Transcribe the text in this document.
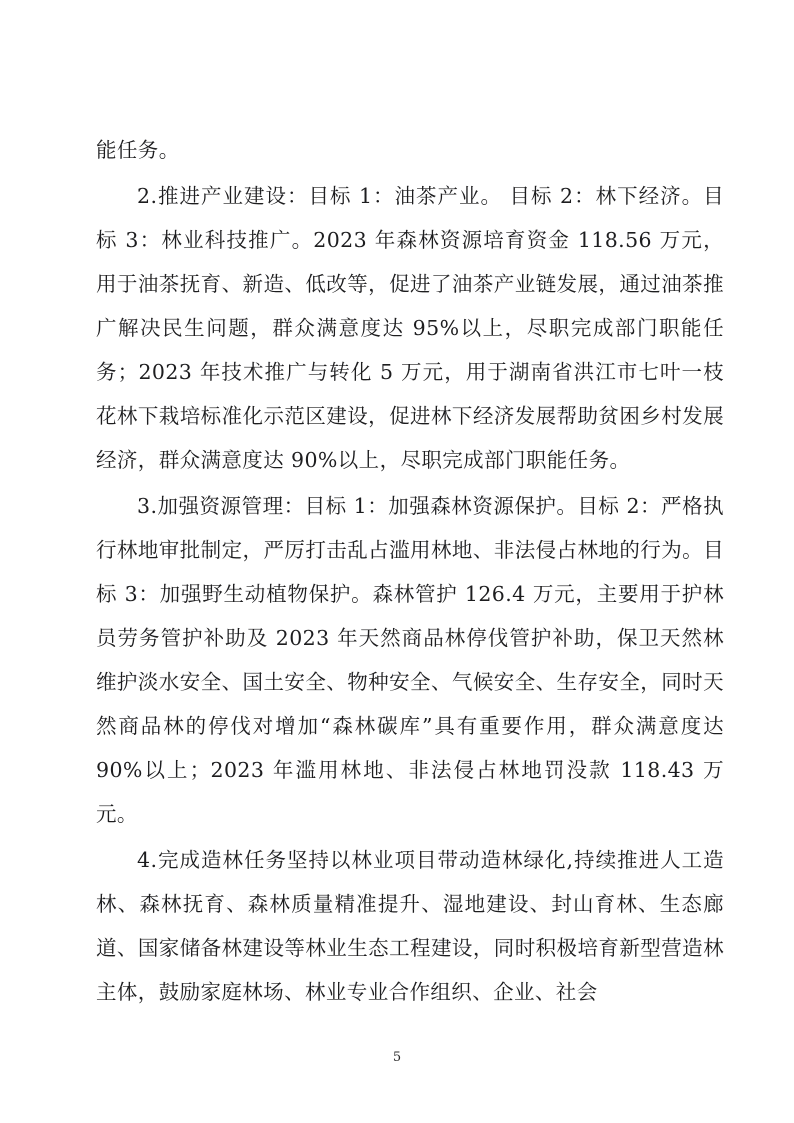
能任务。

2.推进产业建设：目标 1：油茶产业。 目标 2：林下经济。目标 3：林业科技推广。2023 年森林资源培育资金 118.56 万元，用于油茶抚育、新造、低改等，促进了油茶产业链发展，通过油茶推广解决民生问题，群众满意度达 95%以上，尽职完成部门职能任务；2023 年技术推广与转化 5 万元，用于湖南省洪江市七叶一枝花林下栽培标准化示范区建设，促进林下经济发展帮助贫困乡村发展经济，群众满意度达 90%以上，尽职完成部门职能任务。

3.加强资源管理：目标 1：加强森林资源保护。目标 2：严格执行林地审批制定，严厉打击乱占滥用林地、非法侵占林地的行为。目标 3：加强野生动植物保护。森林管护 126.4 万元，主要用于护林员劳务管护补助及 2023 年天然商品林停伐管护补助，保卫天然林维护淡水安全、国土安全、物种安全、气候安全、生存安全，同时天然商品林的停伐对增加“森林碳库”具有重要作用，群众满意度达 90%以上；2023 年滥用林地、非法侵占林地罚没款 118.43 万元。

4.完成造林任务坚持以林业项目带动造林绿化,持续推进人工造林、森林抚育、森林质量精准提升、湿地建设、封山育林、生态廊道、国家储备林建设等林业生态工程建设，同时积极培育新型营造林主体，鼓励家庭林场、林业专业合作组织、企业、社会

5
